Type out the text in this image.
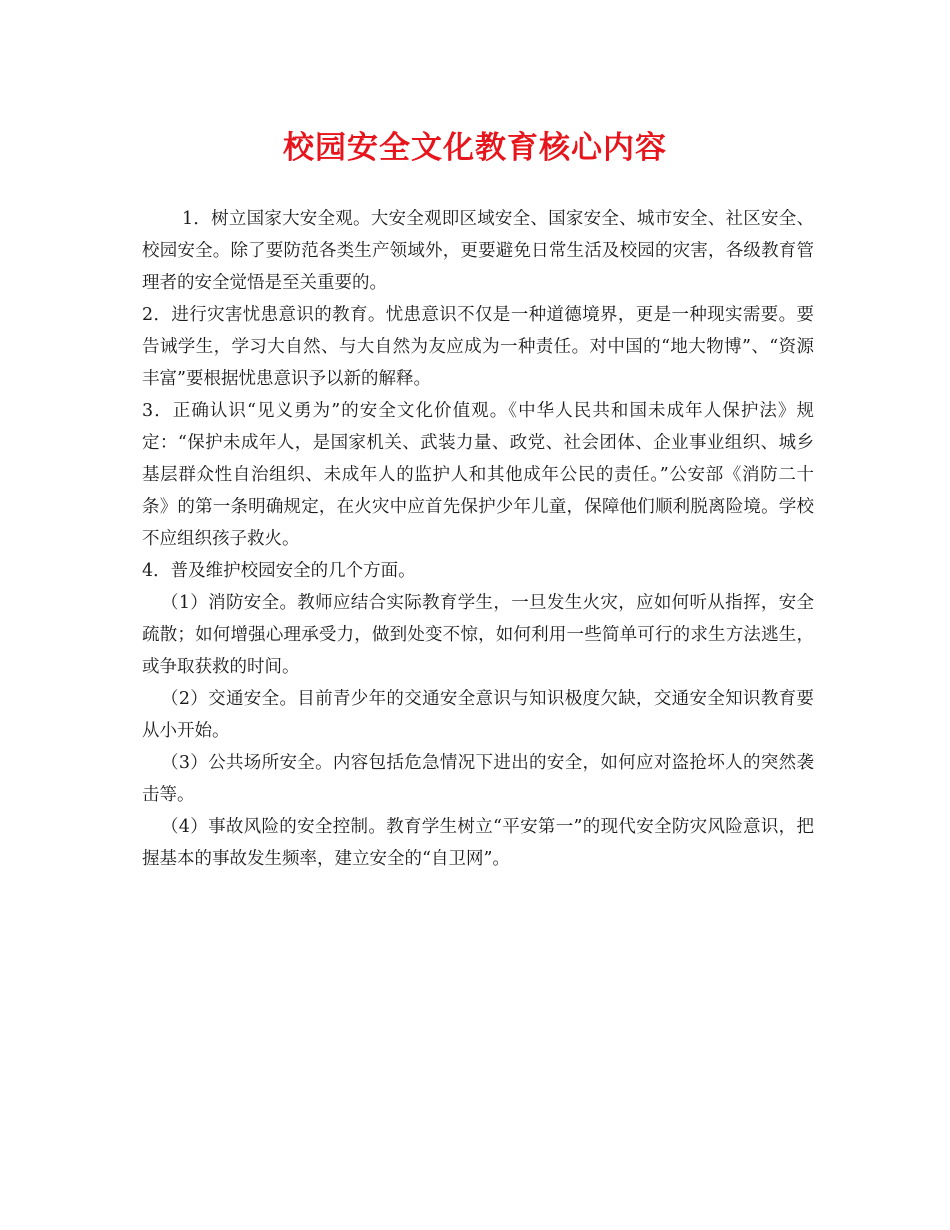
校园安全文化教育核心内容

1．树立国家大安全观。大安全观即区域安全、国家安全、城市安全、社区安全、校园安全。除了要防范各类生产领域外，更要避免日常生活及校园的灾害，各级教育管理者的安全觉悟是至关重要的。

2．进行灾害忧患意识的教育。忧患意识不仅是一种道德境界，更是一种现实需要。要告诫学生，学习大自然、与大自然为友应成为一种责任。对中国的“地大物博”、“资源丰富”要根据忧患意识予以新的解释。

3．正确认识“见义勇为”的安全文化价值观。《中华人民共和国未成年人保护法》规定：“保护未成年人，是国家机关、武装力量、政党、社会团体、企业事业组织、城乡基层群众性自治组织、未成年人的监护人和其他成年公民的责任。”公安部《消防二十条》的第一条明确规定，在火灾中应首先保护少年儿童，保障他们顺利脱离险境。学校不应组织孩子救火。

4．普及维护校园安全的几个方面。

（1）消防安全。教师应结合实际教育学生，一旦发生火灾，应如何听从指挥，安全疏散；如何增强心理承受力，做到处变不惊，如何利用一些简单可行的求生方法逃生，或争取获救的时间。

（2）交通安全。目前青少年的交通安全意识与知识极度欠缺，交通安全知识教育要从小开始。

（3）公共场所安全。内容包括危急情况下进出的安全，如何应对盗抢坏人的突然袭击等。

（4）事故风险的安全控制。教育学生树立“平安第一”的现代安全防灾风险意识，把握基本的事故发生频率，建立安全的“自卫网”。
